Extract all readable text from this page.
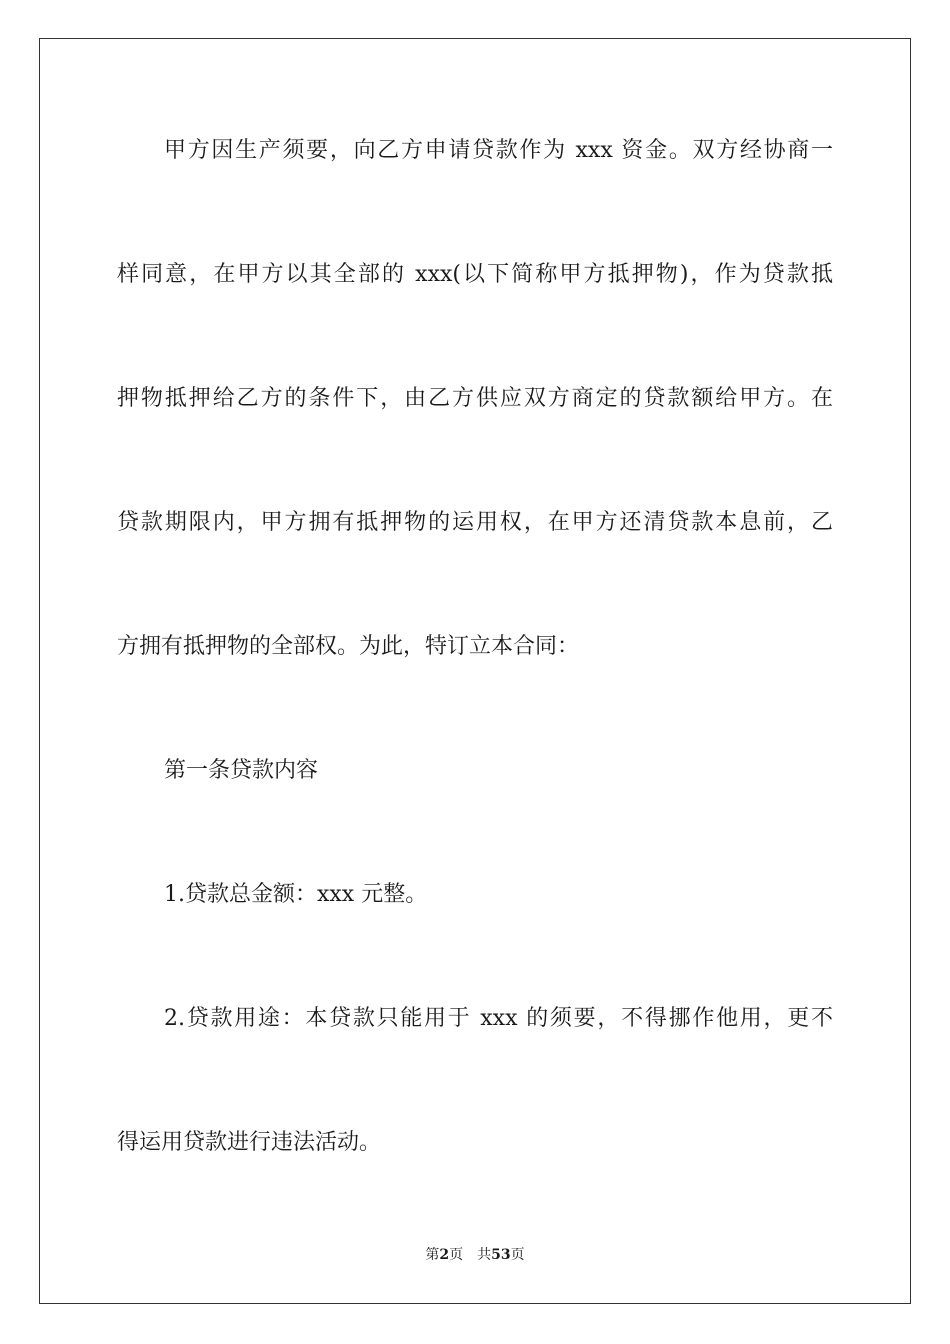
甲方因生产须要，向乙方申请贷款作为 xxx 资金。双方经协商一
样同意，在甲方以其全部的 xxx(以下简称甲方抵押物)，作为贷款抵
押物抵押给乙方的条件下，由乙方供应双方商定的贷款额给甲方。在
贷款期限内，甲方拥有抵押物的运用权，在甲方还清贷款本息前，乙
方拥有抵押物的全部权。为此，特订立本合同：
第一条贷款内容
1.贷款总金额：xxx 元整。
2.贷款用途：本贷款只能用于 xxx 的须要，不得挪作他用，更不
得运用贷款进行违法活动。
第2页 共53页
